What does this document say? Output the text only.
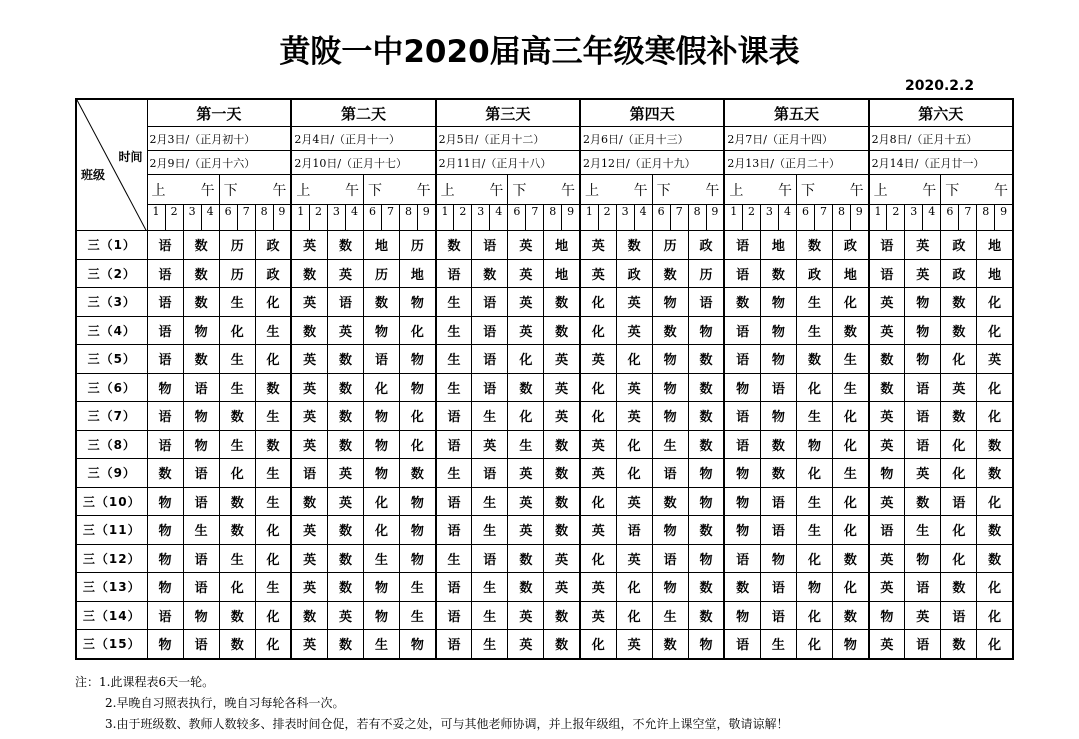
黄陂一中2020届高三年级寒假补课表
2020.2.2
时间
班级	第一天				第二天				第三天				第四天				第五天				第六天			
	2月3日/（正月初十）				2月4日/（正月十一）				2月5日/（正月十二）				2月6日/（正月十三）				2月7日/（正月十四）				2月8日/（正月十五）			
	2月9日/（正月十六）				2月10日/（正月十七）				2月11日/（正月十八）				2月12日/（正月十九）				2月13日/（正月二十）				2月14日/（正月廿一）			

	上 午		下 午		上 午		下 午		上 午		下 午		上 午		下 午		上 午		下 午		上 午		下 午	

	1 2	3 4	6 7	8 9	1 2	3 4	6 7	8 9	1 2	3 4	6 7	8 9	1 2	3 4	6 7	8 9	1 2	3 4	6 7	8 9	1 2	3 4	6 7	8 9

三（1）	语	数	历	政	英	数	地	历	数	语	英	地	英	数	历	政	语	地	数	政	语	英	政	地
三（2）	语	数	历	政	数	英	历	地	语	数	英	地	英	政	数	历	语	数	政	地	语	英	政	地
三（3）	语	数	生	化	英	语	数	物	生	语	英	数	化	英	物	语	数	物	生	化	英	物	数	化
三（4）	语	物	化	生	数	英	物	化	生	语	英	数	化	英	数	物	语	物	生	数	英	物	数	化
三（5）	语	数	生	化	英	数	语	物	生	语	化	英	英	化	物	数	语	物	数	生	数	物	化	英
三（6）	物	语	生	数	英	数	化	物	生	语	数	英	化	英	物	数	物	语	化	生	数	语	英	化
三（7）	语	物	数	生	英	数	物	化	语	生	化	英	化	英	物	数	语	物	生	化	英	语	数	化
三（8）	语	物	生	数	英	数	物	化	语	英	生	数	英	化	生	数	语	数	物	化	英	语	化	数
三（9）	数	语	化	生	语	英	物	数	生	语	英	数	英	化	语	物	物	数	化	生	物	英	化	数
三（10）	物	语	数	生	数	英	化	物	语	生	英	数	化	英	数	物	物	语	生	化	英	数	语	化
三（11）	物	生	数	化	英	数	化	物	语	生	英	数	英	语	物	数	物	语	生	化	语	生	化	数
三（12）	物	语	生	化	英	数	生	物	生	语	数	英	化	英	语	物	语	物	化	数	英	物	化	数
三（13）	物	语	化	生	英	数	物	生	语	生	数	英	英	化	物	数	数	语	物	化	英	语	数	化
三（14）	语	物	数	化	数	英	物	生	语	生	英	数	英	化	生	数	物	语	化	数	物	英	语	化
三（15）	物	语	数	化	英	数	生	物	语	生	英	数	化	英	数	物	语	生	化	物	英	语	数	化
注：1.此课程表6天一轮。
2.早晚自习照表执行，晚自习每轮各科一次。
3.由于班级数、教师人数较多、排表时间仓促，若有不妥之处，可与其他老师协调，并上报年级组，不允许上课空堂，敬请谅解！
